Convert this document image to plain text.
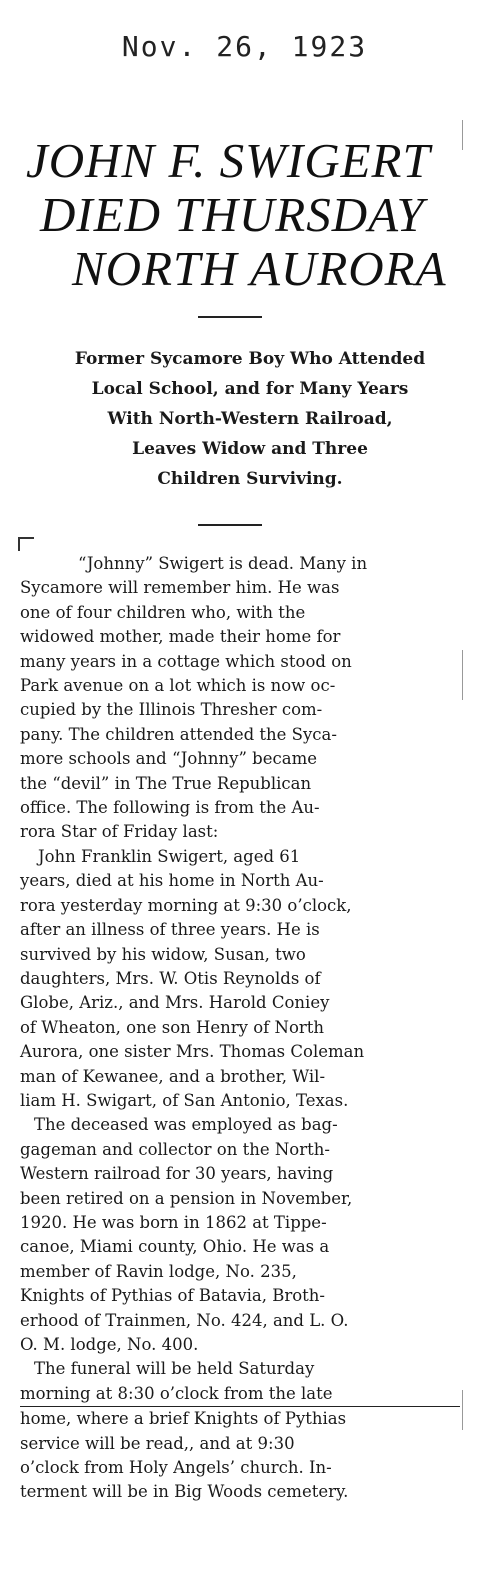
Nov. 26, 1923
JOHN F. SWIGERT
DIED THURSDAY
NORTH AURORA
Former Sycamore Boy Who Attended
Local School, and for Many Years
With North-Western Railroad,
Leaves Widow and Three
Children Surviving.
“Johnny” Swigert is dead. Many in
Sycamore will remember him. He was
one of four children who, with the
widowed mother, made their home for
many years in a cottage which stood on
Park avenue on a lot which is now oc-
cupied by the Illinois Thresher com-
pany. The children attended the Syca-
more schools and “Johnny” became
the “devil” in The True Republican
office. The following is from the Au-
rora Star of Friday last:
John Franklin Swigert, aged 61
years, died at his home in North Au-
rora yesterday morning at 9:30 o’clock,
after an illness of three years. He is
survived by his widow, Susan, two
daughters, Mrs. W. Otis Reynolds of
Globe, Ariz., and Mrs. Harold Coniey
of Wheaton, one son Henry of North
Aurora, one sister Mrs. Thomas Coleman
man of Kewanee, and a brother, Wil-
liam H. Swigart, of San Antonio, Texas.
The deceased was employed as bag-
gageman and collector on the North-
Western railroad for 30 years, having
been retired on a pension in November,
1920. He was born in 1862 at Tippe-
canoe, Miami county, Ohio. He was a
member of Ravin lodge, No. 235,
Knights of Pythias of Batavia, Broth-
erhood of Trainmen, No. 424, and L. O.
O. M. lodge, No. 400.
The funeral will be held Saturday
morning at 8:30 o’clock from the late
home, where a brief Knights of Pythias
service will be read,, and at 9:30
o’clock from Holy Angels’ church. In-
terment will be in Big Woods cemetery.
